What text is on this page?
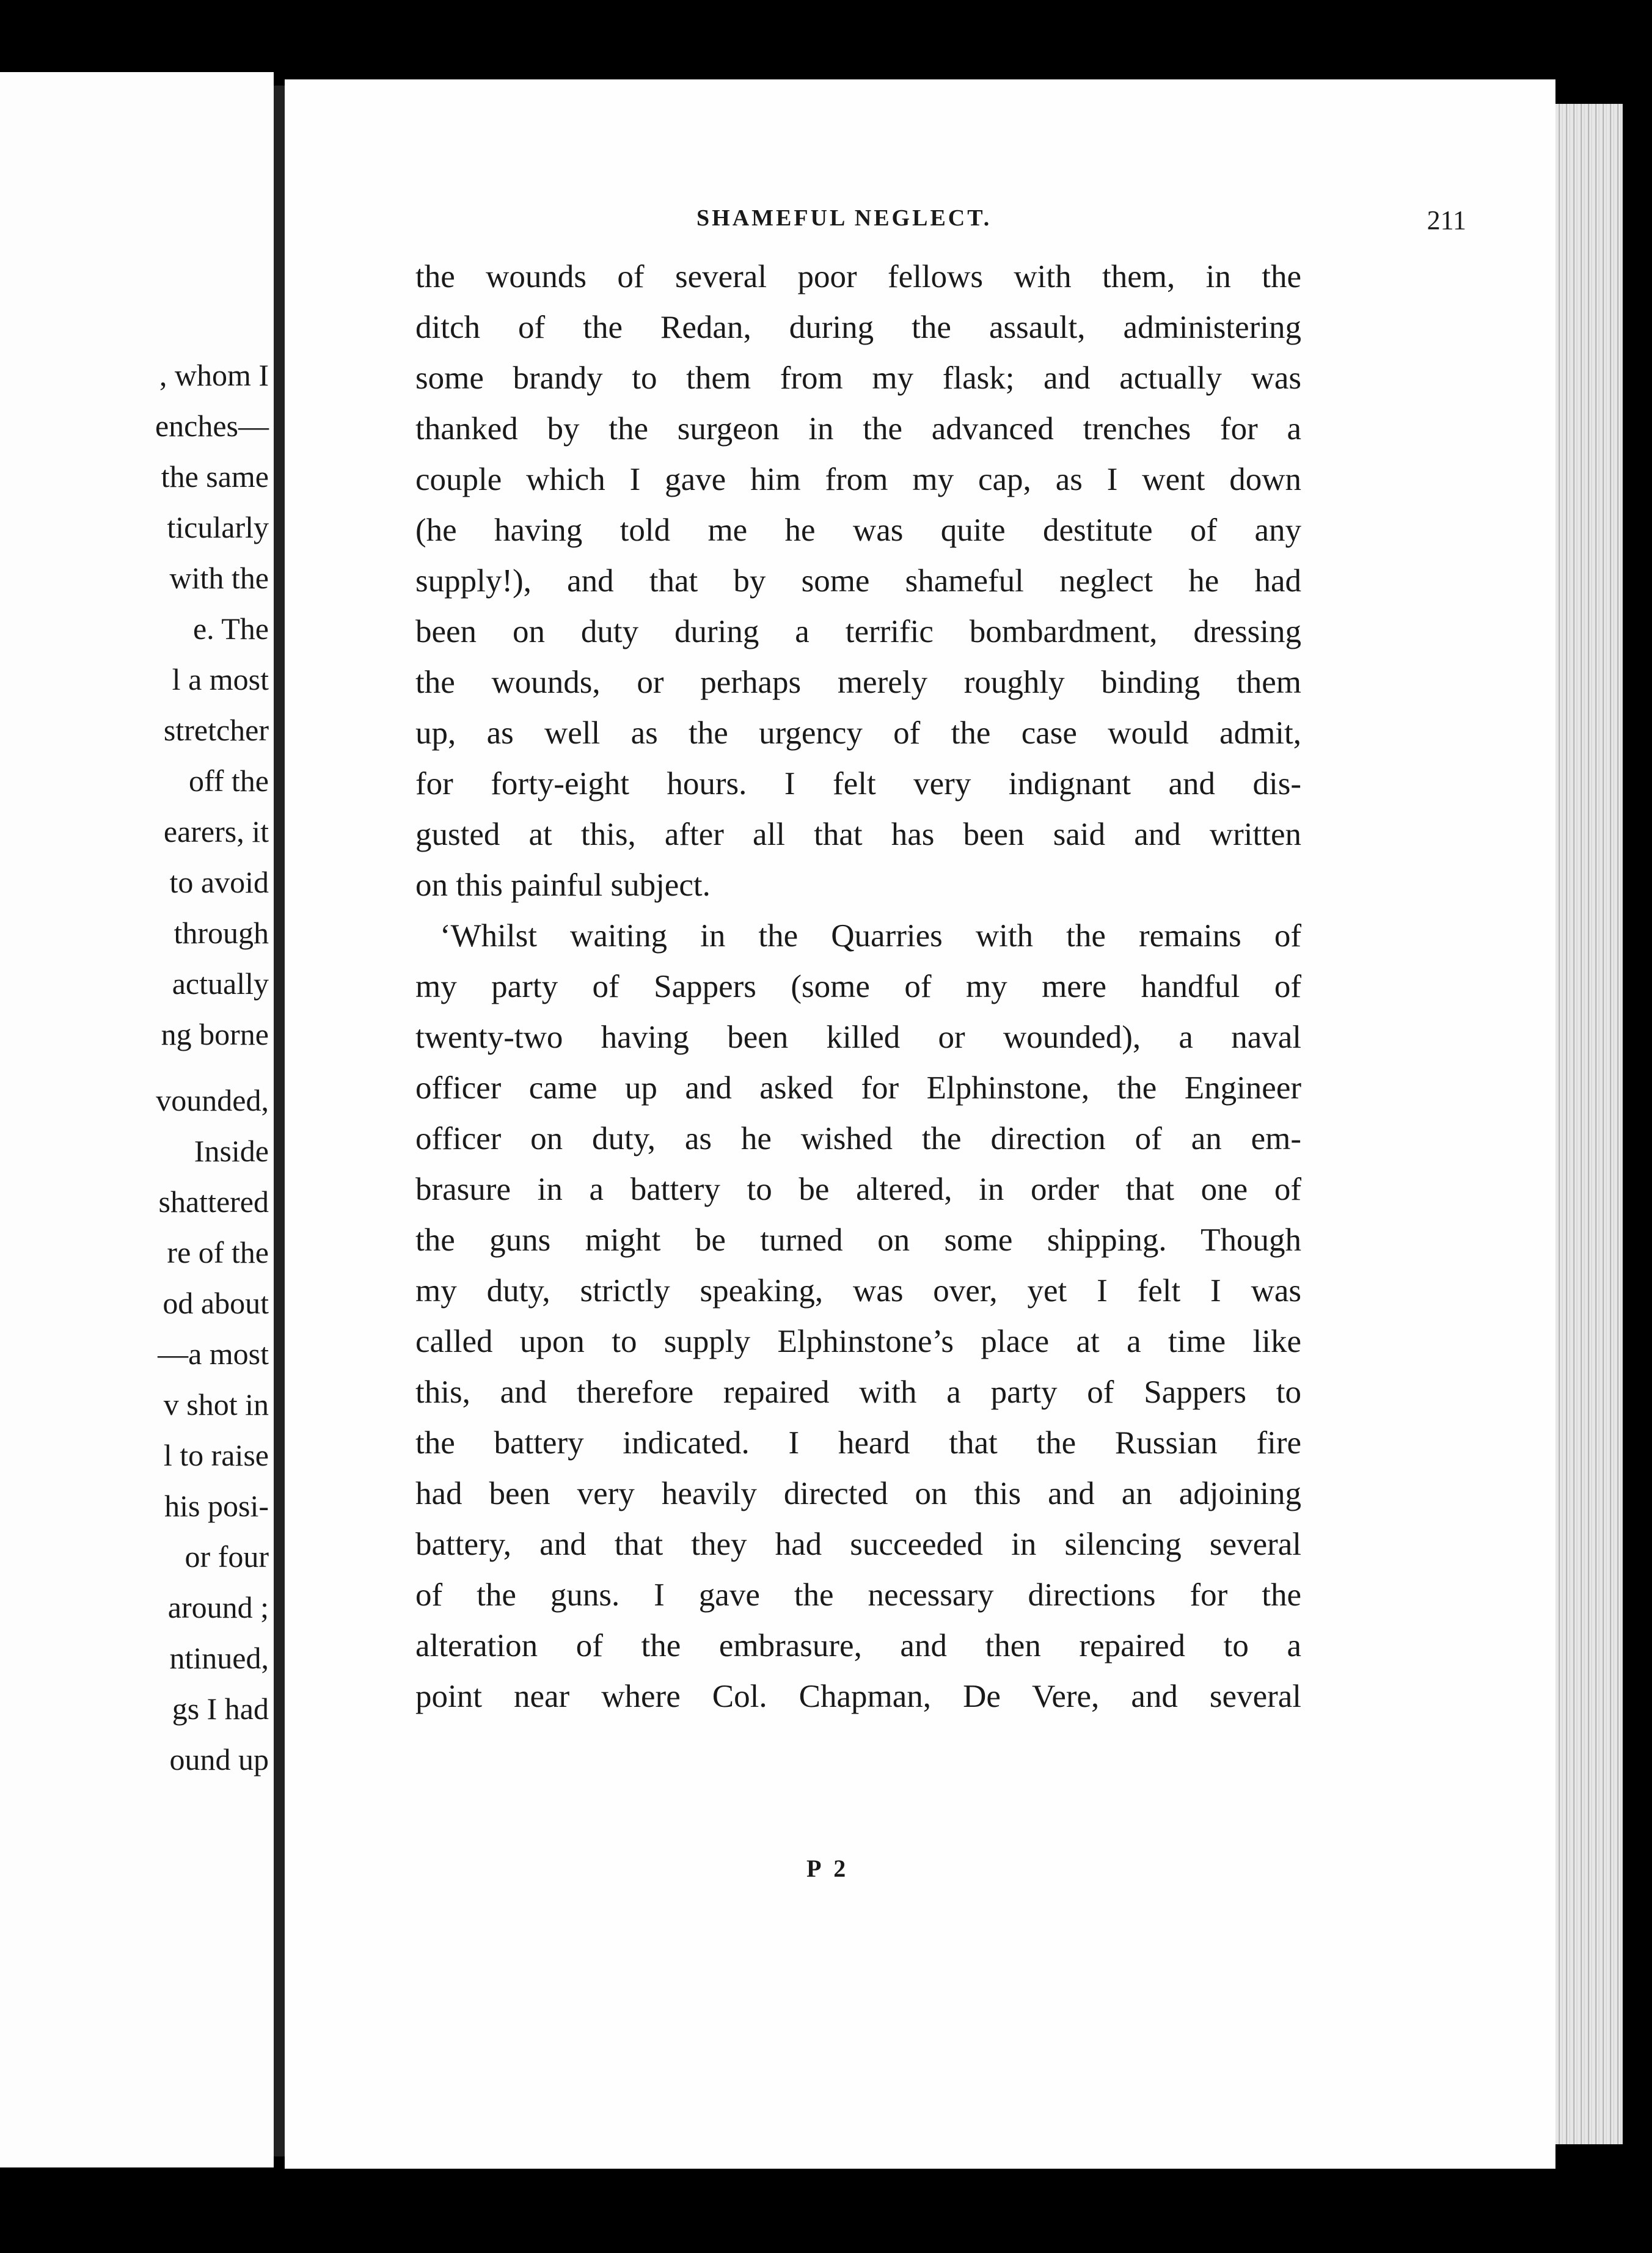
, whom I
enches—
the same
ticularly
with the
e. The
l a most
stretcher
off the
earers, it
to avoid
through
actually
ng borne
vounded,
Inside
shattered
re of the
od about
—a most
v shot in
l to raise
his posi-
or four
around ;
ntinued,
gs I had
ound up
SHAMEFUL NEGLECT.	211
the wounds of several poor fellows with them, in the
ditch of the Redan, during the assault, administering
some brandy to them from my flask; and actually was
thanked by the surgeon in the advanced trenches for a
couple which I gave him from my cap, as I went down
(he having told me he was quite destitute of any
supply!), and that by some shameful neglect he had
been on duty during a terrific bombardment, dressing
the wounds, or perhaps merely roughly binding them
up, as well as the urgency of the case would admit,
for forty-eight hours. I felt very indignant and dis-
gusted at this, after all that has been said and written
on this painful subject.
‘Whilst waiting in the Quarries with the remains of
my party of Sappers (some of my mere handful of
twenty-two having been killed or wounded), a naval
officer came up and asked for Elphinstone, the Engineer
officer on duty, as he wished the direction of an em-
brasure in a battery to be altered, in order that one of
the guns might be turned on some shipping. Though
my duty, strictly speaking, was over, yet I felt I was
called upon to supply Elphinstone’s place at a time like
this, and therefore repaired with a party of Sappers to
the battery indicated. I heard that the Russian fire
had been very heavily directed on this and an adjoining
battery, and that they had succeeded in silencing several
of the guns. I gave the necessary directions for the
alteration of the embrasure, and then repaired to a
point near where Col. Chapman, De Vere, and several
P 2
